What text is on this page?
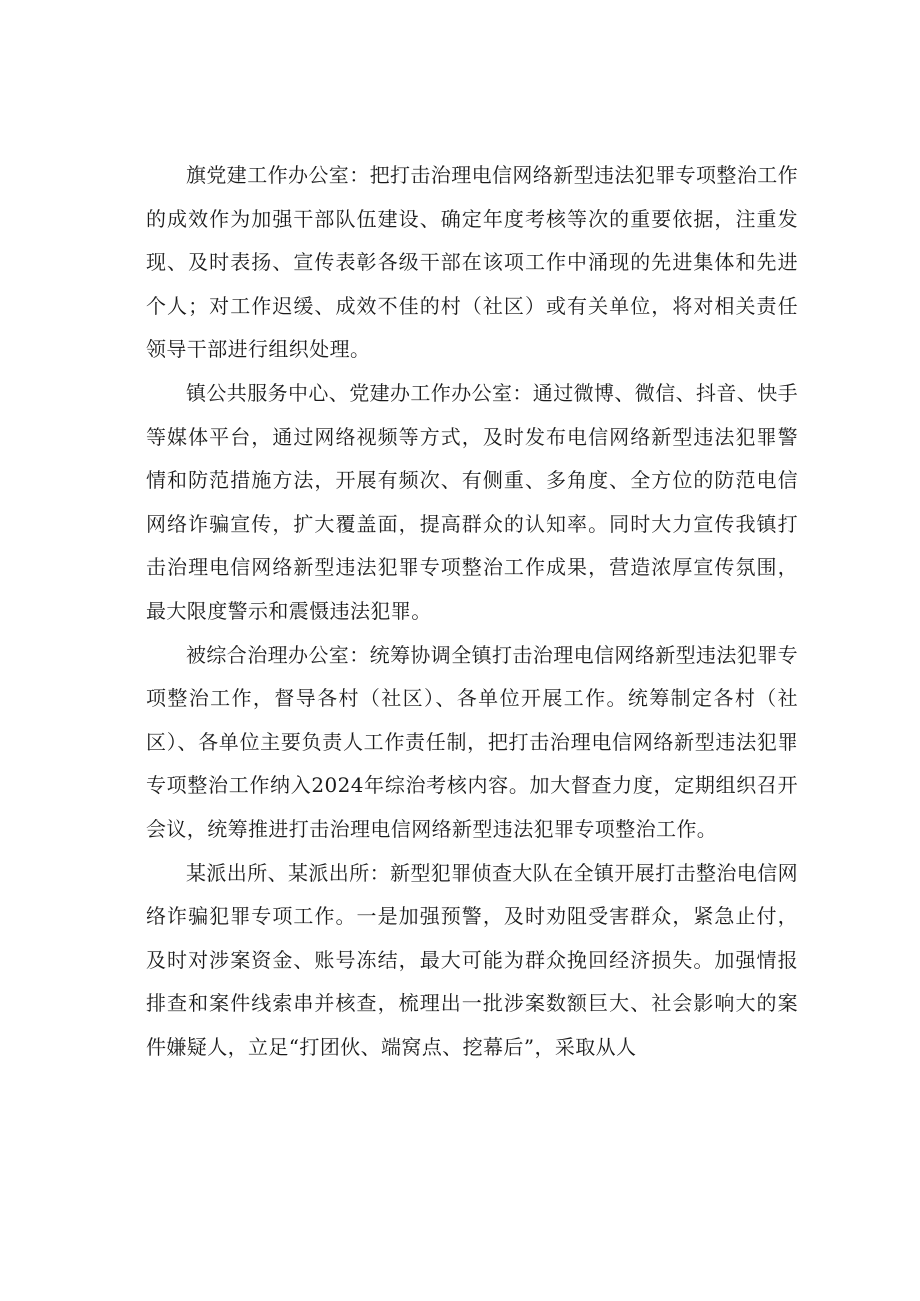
旗党建工作办公室：把打击治理电信网络新型违法犯罪专项整治工作的成效作为加强干部队伍建设、确定年度考核等次的重要依据，注重发现、及时表扬、宣传表彰各级干部在该项工作中涌现的先进集体和先进个人；对工作迟缓、成效不佳的村（社区）或有关单位，将对相关责任领导干部进行组织处理。

镇公共服务中心、党建办工作办公室：通过微博、微信、抖音、快手等媒体平台，通过网络视频等方式，及时发布电信网络新型违法犯罪警情和防范措施方法，开展有频次、有侧重、多角度、全方位的防范电信网络诈骗宣传，扩大覆盖面，提高群众的认知率。同时大力宣传我镇打击治理电信网络新型违法犯罪专项整治工作成果，营造浓厚宣传氛围，最大限度警示和震慑违法犯罪。

被综合治理办公室：统筹协调全镇打击治理电信网络新型违法犯罪专项整治工作，督导各村（社区）、各单位开展工作。统筹制定各村（社区）、各单位主要负责人工作责任制，把打击治理电信网络新型违法犯罪专项整治工作纳入2024年综治考核内容。加大督查力度，定期组织召开会议，统筹推进打击治理电信网络新型违法犯罪专项整治工作。

某派出所、某派出所：新型犯罪侦查大队在全镇开展打击整治电信网络诈骗犯罪专项工作。一是加强预警，及时劝阻受害群众，紧急止付，及时对涉案资金、账号冻结，最大可能为群众挽回经济损失。加强情报排查和案件线索串并核查，梳理出一批涉案数额巨大、社会影响大的案件嫌疑人，立足“打团伙、端窝点、挖幕后”，采取从人
